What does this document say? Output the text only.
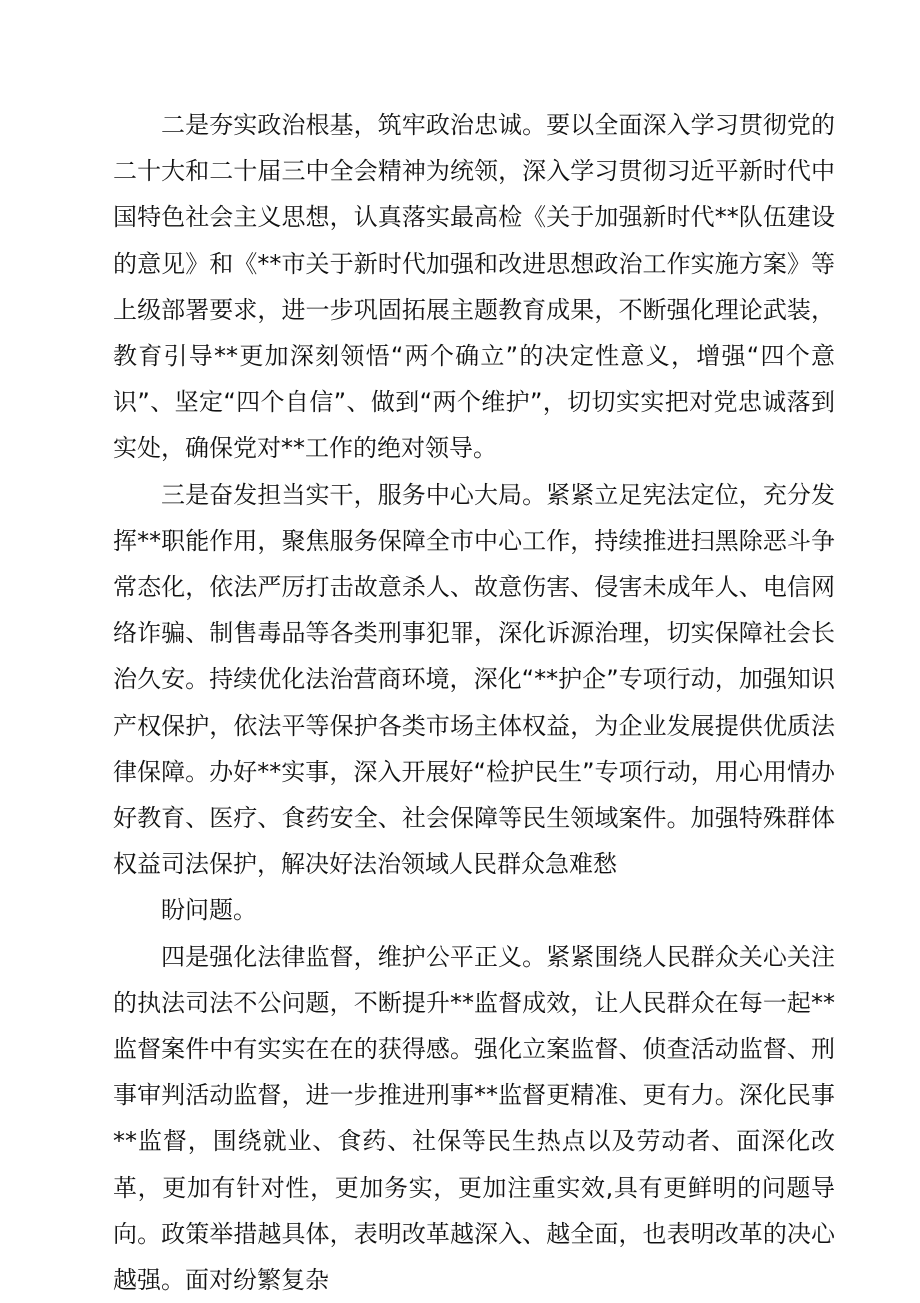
二是夯实政治根基，筑牢政治忠诚。要以全面深入学习贯彻党的二十大和二十届三中全会精神为统领，深入学习贯彻习近平新时代中国特色社会主义思想，认真落实最高检《关于加强新时代**队伍建设的意见》和《**市关于新时代加强和改进思想政治工作实施方案》等上级部署要求，进一步巩固拓展主题教育成果，不断强化理论武装，教育引导**更加深刻领悟“两个确立”的决定性意义，增强“四个意识”、坚定“四个自信”、做到“两个维护”，切切实实把对党忠诚落到实处，确保党对**工作的绝对领导。

三是奋发担当实干，服务中心大局。紧紧立足宪法定位，充分发挥**职能作用，聚焦服务保障全市中心工作，持续推进扫黑除恶斗争常态化，依法严厉打击故意杀人、故意伤害、侵害未成年人、电信网络诈骗、制售毒品等各类刑事犯罪，深化诉源治理，切实保障社会长治久安。持续优化法治营商环境，深化“**护企”专项行动，加强知识产权保护，依法平等保护各类市场主体权益，为企业发展提供优质法律保障。办好**实事，深入开展好“检护民生”专项行动，用心用情办好教育、医疗、食药安全、社会保障等民生领域案件。加强特殊群体权益司法保护，解决好法治领域人民群众急难愁

盼问题。

四是强化法律监督，维护公平正义。紧紧围绕人民群众关心关注的执法司法不公问题，不断提升**监督成效，让人民群众在每一起**监督案件中有实实在在的获得感。强化立案监督、侦查活动监督、刑事审判活动监督，进一步推进刑事**监督更精准、更有力。深化民事**监督，围绕就业、食药、社保等民生热点以及劳动者、面深化改革，更加有针对性，更加务实，更加注重实效,具有更鲜明的问题导向。政策举措越具体，表明改革越深入、越全面，也表明改革的决心越强。面对纷繁复杂
